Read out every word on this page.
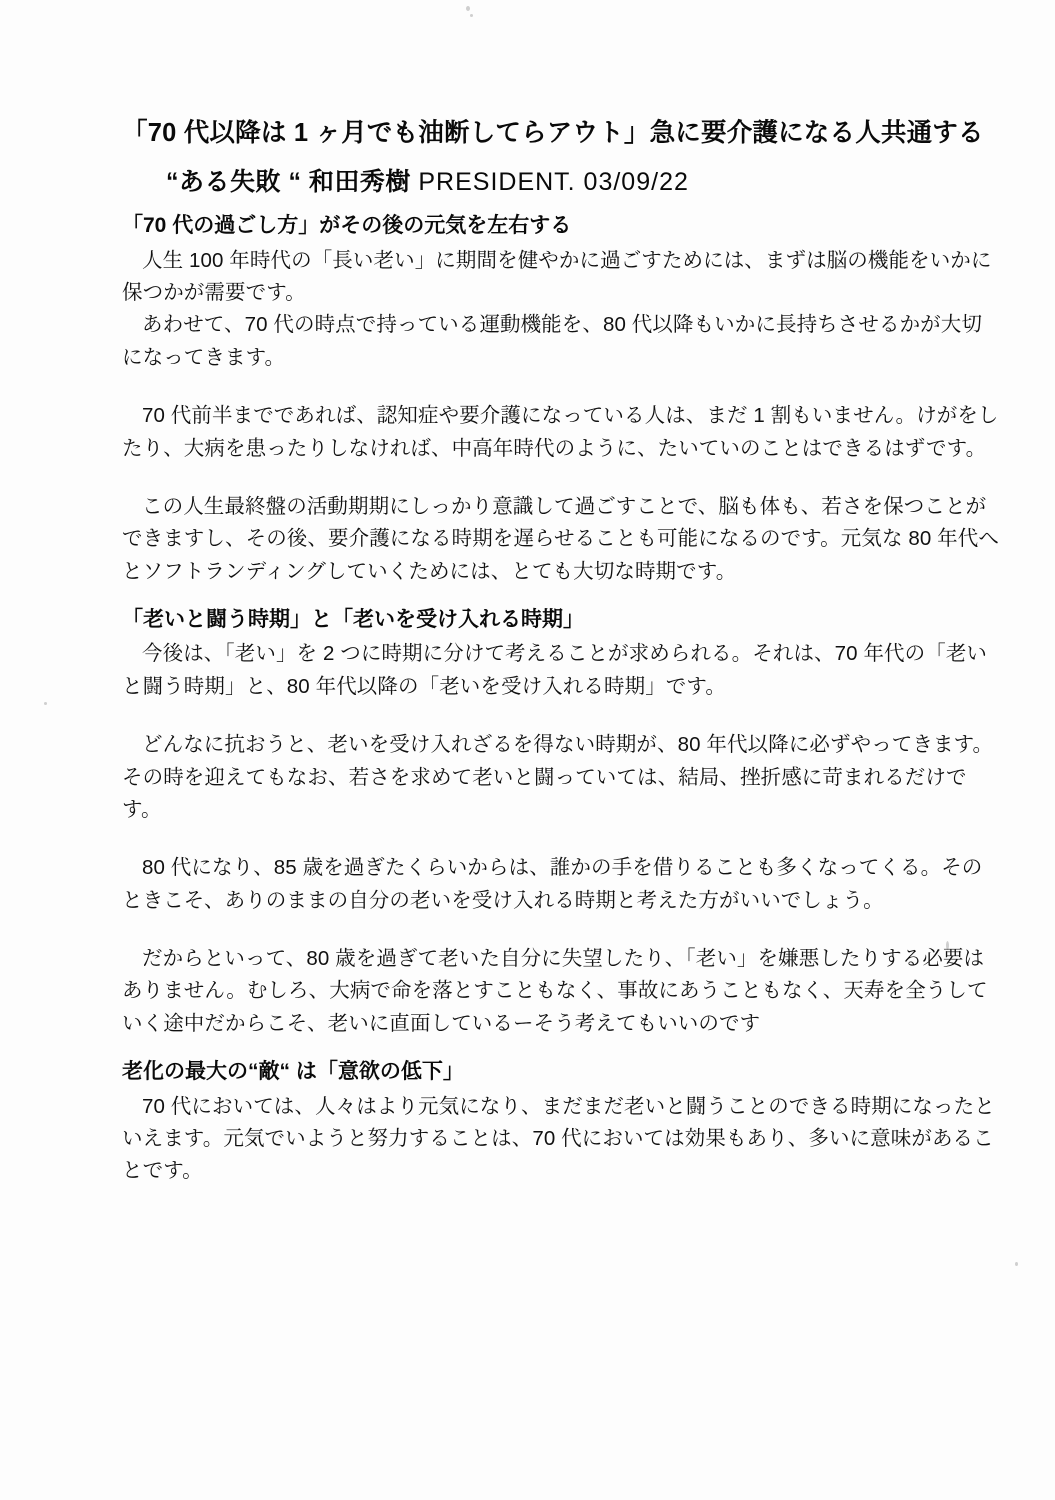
「70 代以降は 1 ヶ月でも油断してらアウト」急に要介護になる人共通する
“ある失敗 “ 和田秀樹 PRESIDENT. 03/09/22
「70 代の過ごし方」がその後の元気を左右する

人生 100 年時代の「長い老い」に期間を健やかに過ごすためには、まずは脳の機能をいかに保つかが需要です。

あわせて、70 代の時点で持っている運動機能を、80 代以降もいかに長持ちさせるかが大切になってきます。

70 代前半までであれば、認知症や要介護になっている人は、まだ 1 割もいません。けがをしたり、大病を患ったりしなければ、中高年時代のように、たいていのことはできるはずです。

この人生最終盤の活動期期にしっかり意識して過ごすことで、脳も体も、若さを保つことができますし、その後、要介護になる時期を遅らせることも可能になるのです。元気な 80 年代へとソフトランディングしていくためには、とても大切な時期です。

「老いと闘う時期」と「老いを受け入れる時期」

今後は、「老い」を 2 つに時期に分けて考えることが求められる。それは、70 年代の「老いと闘う時期」と、80 年代以降の「老いを受け入れる時期」です。

どんなに抗おうと、老いを受け入れざるを得ない時期が、80 年代以降に必ずやってきます。その時を迎えてもなお、若さを求めて老いと闘っていては、結局、挫折感に苛まれるだけです。

80 代になり、85 歳を過ぎたくらいからは、誰かの手を借りることも多くなってくる。そのときこそ、ありのままの自分の老いを受け入れる時期と考えた方がいいでしょう。

だからといって、80 歳を過ぎて老いた自分に失望したり、「老い」を嫌悪したりする必要はありません。むしろ、大病で命を落とすこともなく、事故にあうこともなく、天寿を全うしていく途中だからこそ、老いに直面しているーそう考えてもいいのです

老化の最大の“敵“ は「意欲の低下」

70 代においては、人々はより元気になり、まだまだ老いと闘うことのできる時期になったといえます。元気でいようと努力することは、70 代においては効果もあり、多いに意味があることです。
